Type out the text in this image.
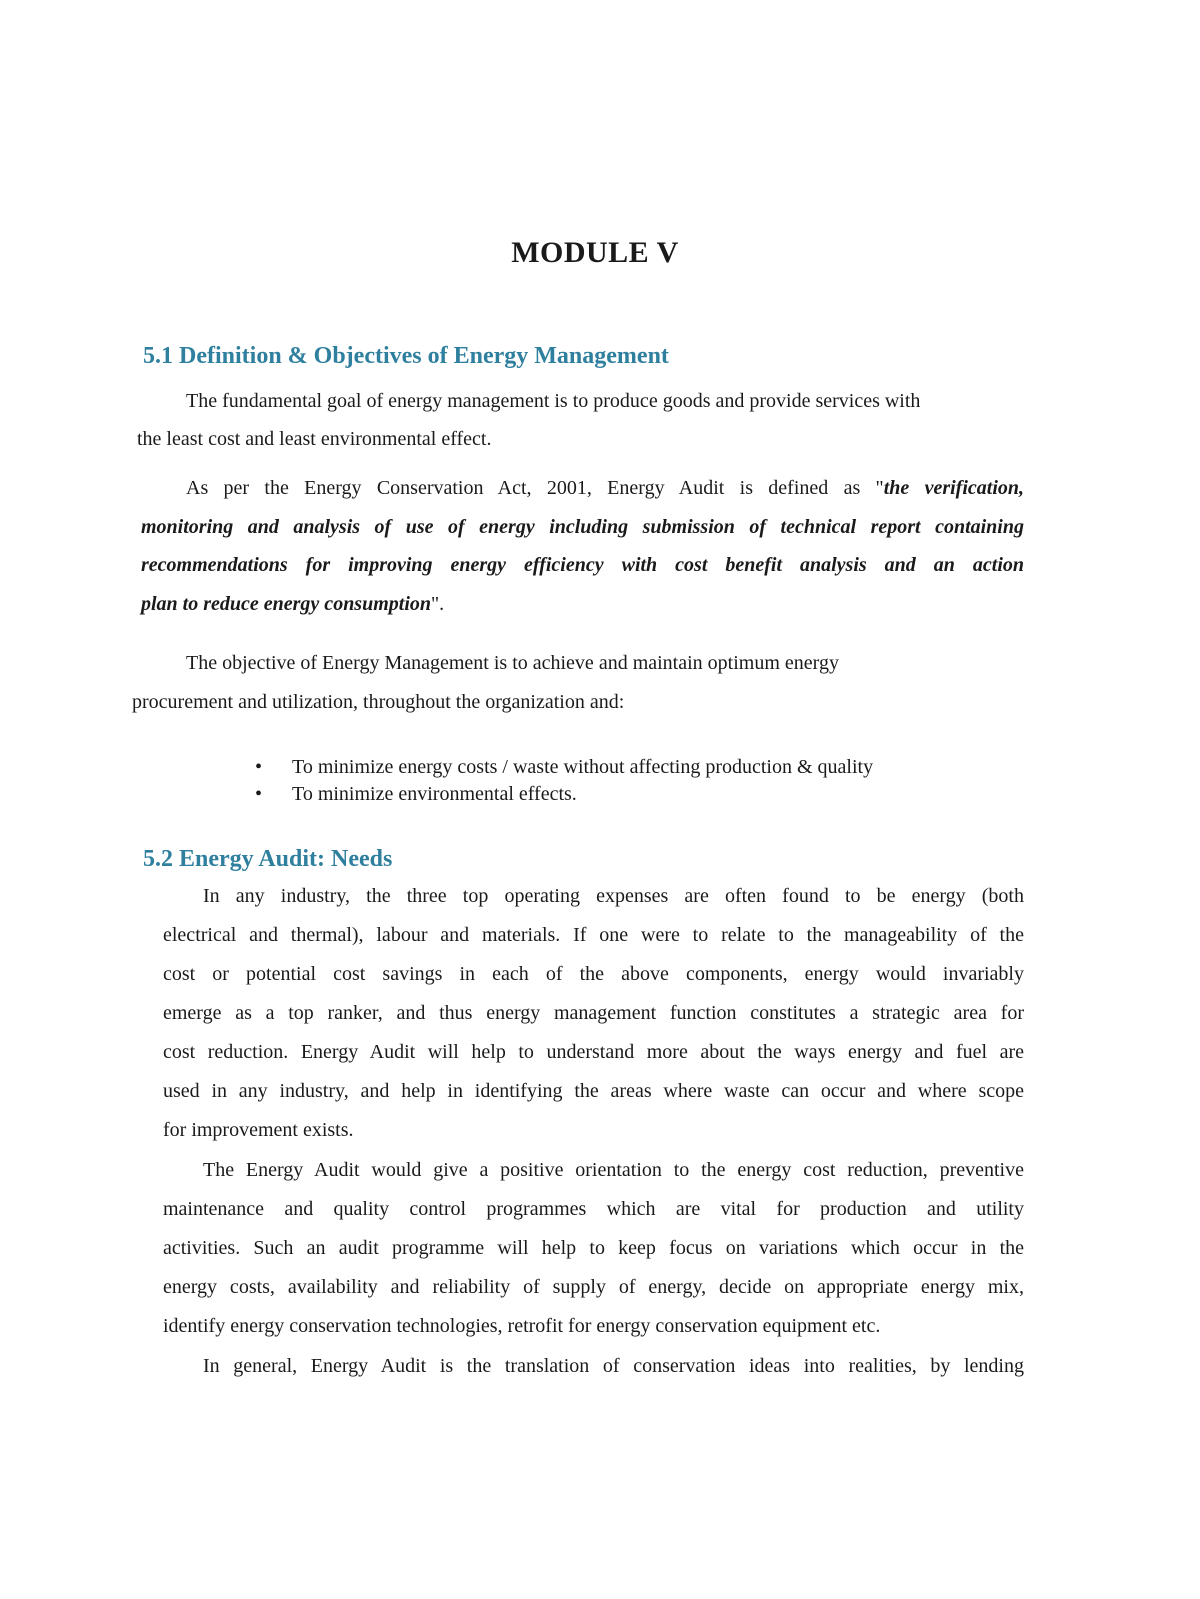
MODULE V
5.1 Definition & Objectives of Energy Management
The fundamental goal of energy management is to produce goods and provide services with
the least cost and least environmental effect.
As per the Energy Conservation Act, 2001, Energy Audit is defined as "the verification,
monitoring and analysis of use of energy including submission of technical report containing
recommendations for improving energy efficiency with cost benefit analysis and an action
plan to reduce energy consumption".
The objective of Energy Management is to achieve and maintain optimum energy
procurement and utilization, throughout the organization and:
• To minimize energy costs / waste without affecting production & quality
• To minimize environmental effects.
5.2 Energy Audit: Needs
In any industry, the three top operating expenses are often found to be energy (both
electrical and thermal), labour and materials. If one were to relate to the manageability of the
cost or potential cost savings in each of the above components, energy would invariably
emerge as a top ranker, and thus energy management function constitutes a strategic area for
cost reduction. Energy Audit will help to understand more about the ways energy and fuel are
used in any industry, and help in identifying the areas where waste can occur and where scope
for improvement exists.
The Energy Audit would give a positive orientation to the energy cost reduction, preventive
maintenance and quality control programmes which are vital for production and utility
activities. Such an audit programme will help to keep focus on variations which occur in the
energy costs, availability and reliability of supply of energy, decide on appropriate energy mix,
identify energy conservation technologies, retrofit for energy conservation equipment etc.
In general, Energy Audit is the translation of conservation ideas into realities, by lending
